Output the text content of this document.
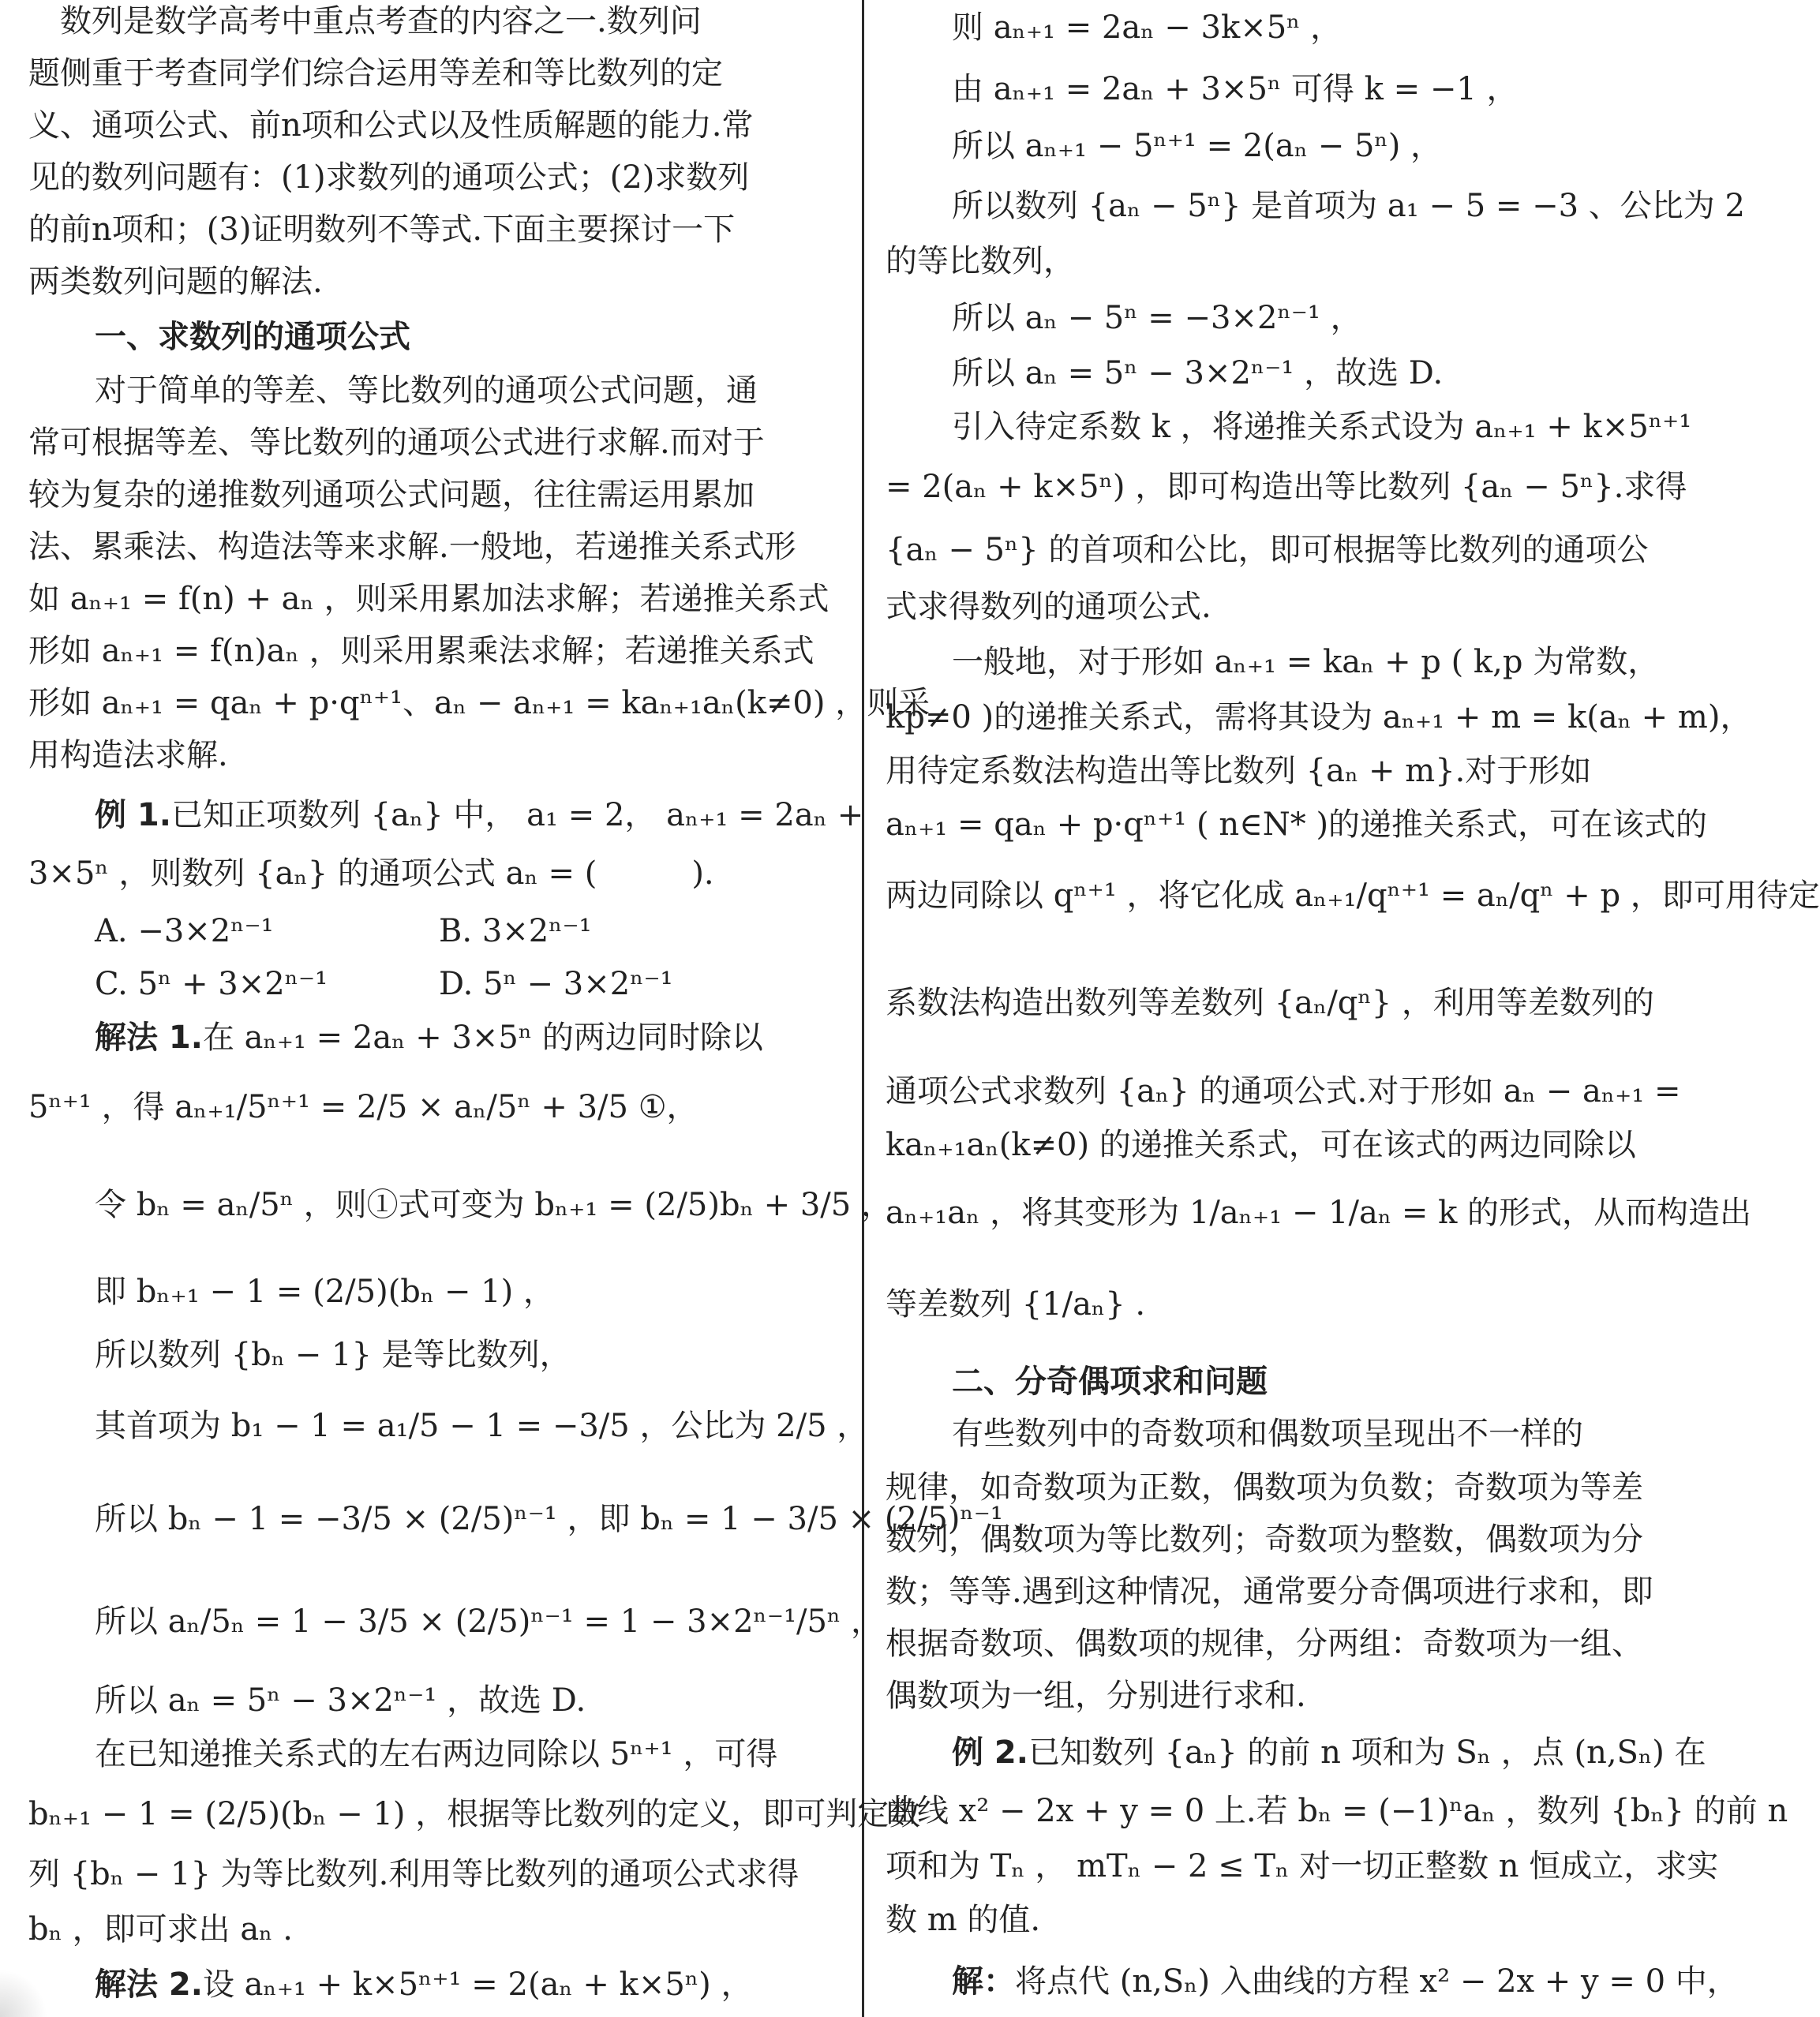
　数列是数学高考中重点考查的内容之一.数列问
题侧重于考查同学们综合运用等差和等比数列的定
义、通项公式、前n项和公式以及性质解题的能力.常
见的数列问题有：(1)求数列的通项公式；(2)求数列
的前n项和；(3)证明数列不等式.下面主要探讨一下
两类数列问题的解法.
一、求数列的通项公式
对于简单的等差、等比数列的通项公式问题，通
常可根据等差、等比数列的通项公式进行求解.而对于
较为复杂的递推数列通项公式问题，往往需运用累加
法、累乘法、构造法等来求解.一般地，若递推关系式形
如 aₙ₊₁ = f(n) + aₙ ，则采用累加法求解；若递推关系式
形如 aₙ₊₁ = f(n)aₙ ，则采用累乘法求解；若递推关系式
形如 aₙ₊₁ = qaₙ + p·qⁿ⁺¹、aₙ − aₙ₊₁ = kaₙ₊₁aₙ(k≠0) ，则采
用构造法求解.
例 1.已知正项数列 {aₙ} 中， a₁ = 2， aₙ₊₁ = 2aₙ +
3×5ⁿ ，则数列 {aₙ} 的通项公式 aₙ = (　　　).
A. −3×2ⁿ⁻¹	B. 3×2ⁿ⁻¹
C. 5ⁿ + 3×2ⁿ⁻¹	D. 5ⁿ − 3×2ⁿ⁻¹
解法 1.在 aₙ₊₁ = 2aₙ + 3×5ⁿ 的两边同时除以
5ⁿ⁺¹ ，得 aₙ₊₁/5ⁿ⁺¹ = 2/5 × aₙ/5ⁿ + 3/5 ①，
令 bₙ = aₙ/5ⁿ ，则①式可变为 bₙ₊₁ = (2/5)bₙ + 3/5 ，
即 bₙ₊₁ − 1 = (2/5)(bₙ − 1) ，
所以数列 {bₙ − 1} 是等比数列，
其首项为 b₁ − 1 = a₁/5 − 1 = −3/5 ，公比为 2/5 ，
所以 bₙ − 1 = −3/5 × (2/5)ⁿ⁻¹ ，即 bₙ = 1 − 3/5 × (2/5)ⁿ⁻¹ ，
所以 aₙ/5ₙ = 1 − 3/5 × (2/5)ⁿ⁻¹ = 1 − 3×2ⁿ⁻¹/5ⁿ ，
所以 aₙ = 5ⁿ − 3×2ⁿ⁻¹ ，故选 D.
在已知递推关系式的左右两边同除以 5ⁿ⁺¹ ，可得
bₙ₊₁ − 1 = (2/5)(bₙ − 1) ，根据等比数列的定义，即可判定数
列 {bₙ − 1} 为等比数列.利用等比数列的通项公式求得
bₙ ，即可求出 aₙ .
解法 2.设 aₙ₊₁ + k×5ⁿ⁺¹ = 2(aₙ + k×5ⁿ) ，
则 aₙ₊₁ = 2aₙ − 3k×5ⁿ ，
由 aₙ₊₁ = 2aₙ + 3×5ⁿ 可得 k = −1 ，
所以 aₙ₊₁ − 5ⁿ⁺¹ = 2(aₙ − 5ⁿ) ，
所以数列 {aₙ − 5ⁿ} 是首项为 a₁ − 5 = −3 、公比为 2
的等比数列，
所以 aₙ − 5ⁿ = −3×2ⁿ⁻¹ ，
所以 aₙ = 5ⁿ − 3×2ⁿ⁻¹ ，故选 D.
引入待定系数 k ，将递推关系式设为 aₙ₊₁ + k×5ⁿ⁺¹
= 2(aₙ + k×5ⁿ) ，即可构造出等比数列 {aₙ − 5ⁿ}.求得
{aₙ − 5ⁿ} 的首项和公比，即可根据等比数列的通项公
式求得数列的通项公式.
一般地，对于形如 aₙ₊₁ = kaₙ + p ( k,p 为常数，
kp≠0 )的递推关系式，需将其设为 aₙ₊₁ + m = k(aₙ + m)，
用待定系数法构造出等比数列 {aₙ + m}.对于形如
aₙ₊₁ = qaₙ + p·qⁿ⁺¹ ( n∈N* )的递推关系式，可在该式的
两边同除以 qⁿ⁺¹ ，将它化成 aₙ₊₁/qⁿ⁺¹ = aₙ/qⁿ + p ，即可用待定
系数法构造出数列等差数列 {aₙ/qⁿ} ，利用等差数列的
通项公式求数列 {aₙ} 的通项公式.对于形如 aₙ − aₙ₊₁ =
kaₙ₊₁aₙ(k≠0) 的递推关系式，可在该式的两边同除以
aₙ₊₁aₙ ，将其变形为 1/aₙ₊₁ − 1/aₙ = k 的形式，从而构造出
等差数列 {1/aₙ} .
二、分奇偶项求和问题
有些数列中的奇数项和偶数项呈现出不一样的
规律，如奇数项为正数，偶数项为负数；奇数项为等差
数列，偶数项为等比数列；奇数项为整数，偶数项为分
数；等等.遇到这种情况，通常要分奇偶项进行求和，即
根据奇数项、偶数项的规律，分两组：奇数项为一组、
偶数项为一组，分别进行求和.
例 2.已知数列 {aₙ} 的前 n 项和为 Sₙ ，点 (n,Sₙ) 在
曲线 x² − 2x + y = 0 上.若 bₙ = (−1)ⁿaₙ ，数列 {bₙ} 的前 n
项和为 Tₙ ， mTₙ − 2 ≤ Tₙ 对一切正整数 n 恒成立，求实
数 m 的值.
解：将点代 (n,Sₙ) 入曲线的方程 x² − 2x + y = 0 中，
